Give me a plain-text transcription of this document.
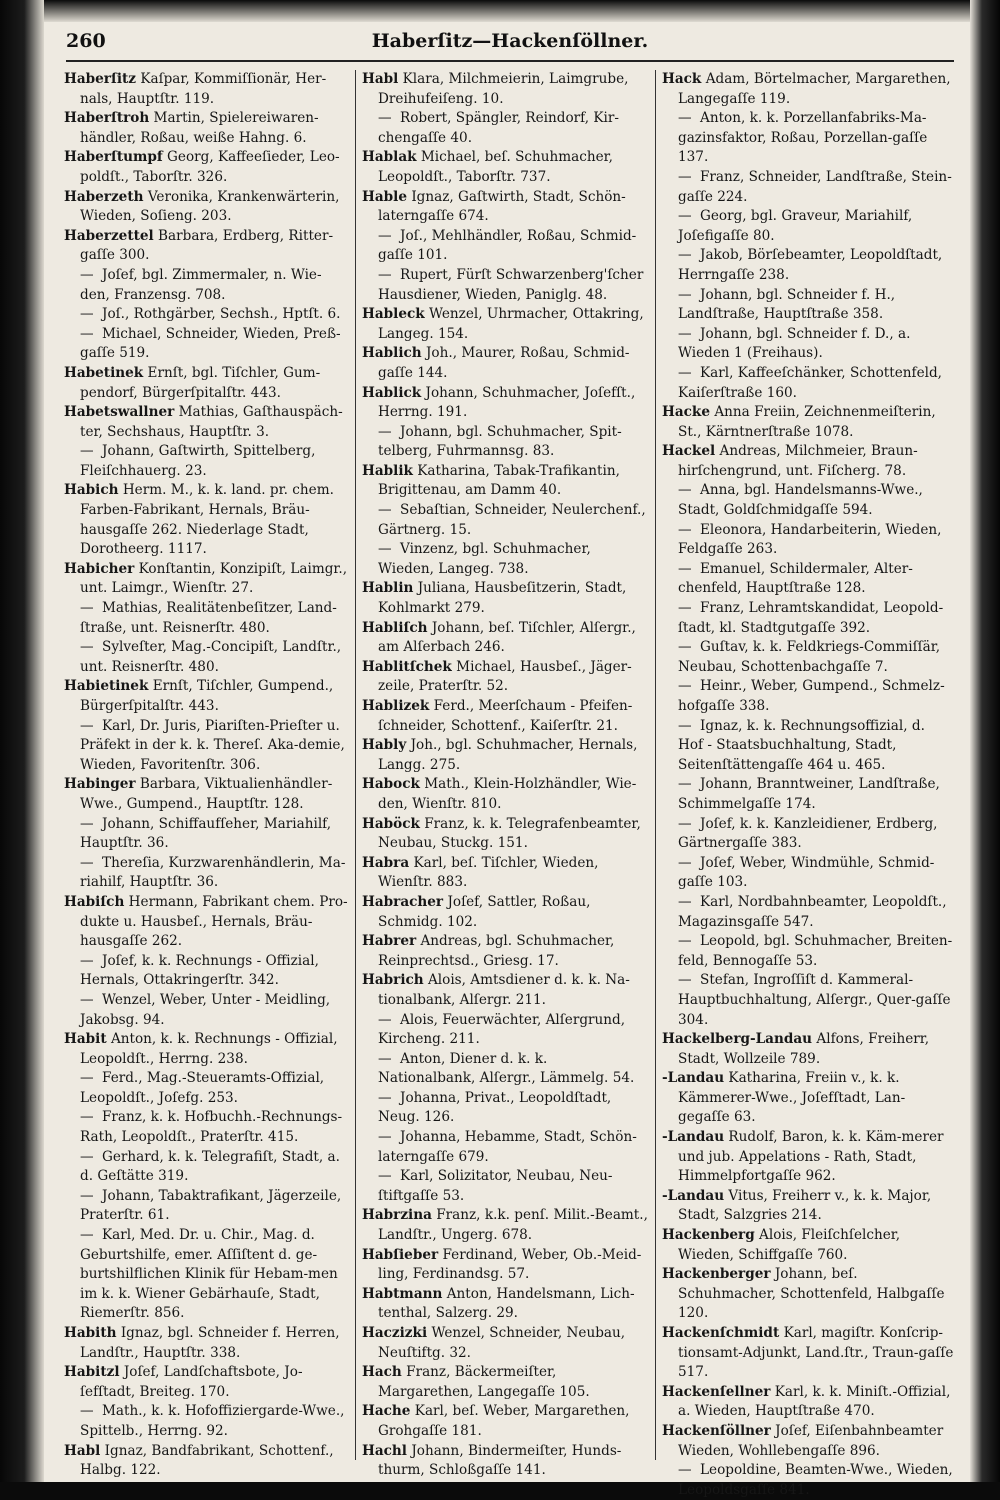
260	Haberſitz—Hackenſöllner.

Haberſitz Kaſpar, Kommiſſionär, Her-nals, Hauptſtr. 119.

Haberſtroh Martin, Spielereiwaren-händler, Roßau, weiße Hahng. 6.

Haberſtumpf Georg, Kaffeeſieder, Leo-poldſt., Taborſtr. 326.

Haberzeth Veronika, Krankenwärterin, Wieden, Soſieng. 203.

Haberzettel Barbara, Erdberg, Ritter-gaſſe 300.

— Joſef, bgl. Zimmermaler, n. Wie-den, Franzensg. 708.

— Joſ., Rothgärber, Sechsh., Hptſt. 6.

— Michael, Schneider, Wieden, Preß-gaſſe 519.

Habetinek Ernſt, bgl. Tiſchler, Gum-pendorf, Bürgerſpitalſtr. 443.

Habetswallner Mathias, Gaſthauspäch-ter, Sechshaus, Hauptſtr. 3.

— Johann, Gaſtwirth, Spittelberg, Fleiſchhauerg. 23.

Habich Herm. M., k. k. land. pr. chem. Farben-Fabrikant, Hernals, Bräu-hausgaſſe 262. Niederlage Stadt, Dorotheerg. 1117.

Habicher Konſtantin, Konzipiſt, Laimgr., unt. Laimgr., Wienſtr. 27.

— Mathias, Realitätenbeſitzer, Land-ſtraße, unt. Reisnerſtr. 480.

— Sylveſter, Mag.-Concipiſt, Landſtr., unt. Reisnerſtr. 480.

Habietinek Ernſt, Tiſchler, Gumpend., Bürgerſpitalſtr. 443.

— Karl, Dr. Juris, Piariſten-Prieſter u. Präfekt in der k. k. Thereſ. Aka-demie, Wieden, Favoritenſtr. 306.

Habinger Barbara, Viktualienhändler-Wwe., Gumpend., Hauptſtr. 128.

— Johann, Schiffaufſeher, Mariahilf, Hauptſtr. 36.

— Thereſia, Kurzwarenhändlerin, Ma-riahilf, Hauptſtr. 36.

Habiſch Hermann, Fabrikant chem. Pro-dukte u. Hausbeſ., Hernals, Bräu-hausgaſſe 262.

— Joſef, k. k. Rechnungs - Offizial, Hernals, Ottakringerſtr. 342.

— Wenzel, Weber, Unter - Meidling, Jakobsg. 94.

Habit Anton, k. k. Rechnungs - Offizial, Leopoldſt., Herrng. 238.

— Ferd., Mag.-Steueramts-Offizial, Leopoldſt., Joſefg. 253.

— Franz, k. k. Hofbuchh.-Rechnungs-Rath, Leopoldſt., Praterſtr. 415.

— Gerhard, k. k. Telegrafiſt, Stadt, a. d. Geſtätte 319.

— Johann, Tabaktrafikant, Jägerzeile, Praterſtr. 61.

— Karl, Med. Dr. u. Chir., Mag. d. Geburtshilfe, emer. Aſſiſtent d. ge-burtshilflichen Klinik für Hebam-men im k. k. Wiener Gebärhauſe, Stadt, Riemerſtr. 856.

Habith Ignaz, bgl. Schneider f. Herren, Landſtr., Hauptſtr. 338.

Habitzl Joſef, Landſchaftsbote, Jo-ſefſtadt, Breiteg. 170.

— Math., k. k. Hofoffiziergarde-Wwe., Spittelb., Herrng. 92.

Habl Ignaz, Bandfabrikant, Schottenf., Halbg. 122.

Habl Klara, Milchmeierin, Laimgrube, Dreihufeiſeng. 10.

— Robert, Spängler, Reindorf, Kir-chengaſſe 40.

Hablak Michael, beſ. Schuhmacher, Leopoldſt., Taborſtr. 737.

Hable Ignaz, Gaſtwirth, Stadt, Schön-laterngaſſe 674.

— Joſ., Mehlhändler, Roßau, Schmid-gaſſe 101.

— Rupert, Fürſt Schwarzenberg'ſcher Hausdiener, Wieden, Paniglg. 48.

Hableck Wenzel, Uhrmacher, Ottakring, Langeg. 154.

Hablich Joh., Maurer, Roßau, Schmid-gaſſe 144.

Hablick Johann, Schuhmacher, Joſefſt., Herrng. 191.

— Johann, bgl. Schuhmacher, Spit-telberg, Fuhrmannsg. 83.

Hablik Katharina, Tabak-Trafikantin, Brigittenau, am Damm 40.

— Sebaſtian, Schneider, Neulerchenf., Gärtnerg. 15.

— Vinzenz, bgl. Schuhmacher, Wieden, Langeg. 738.

Hablin Juliana, Hausbeſitzerin, Stadt, Kohlmarkt 279.

Habliſch Johann, beſ. Tiſchler, Alſergr., am Alſerbach 246.

Hablitſchek Michael, Hausbeſ., Jäger-zeile, Praterſtr. 52.

Hablizek Ferd., Meerſchaum - Pfeifen-ſchneider, Schottenf., Kaiſerſtr. 21.

Hably Joh., bgl. Schuhmacher, Hernals, Langg. 275.

Habock Math., Klein-Holzhändler, Wie-den, Wienſtr. 810.

Haböck Franz, k. k. Telegrafenbeamter, Neubau, Stuckg. 151.

Habra Karl, beſ. Tiſchler, Wieden, Wienſtr. 883.

Habracher Joſef, Sattler, Roßau, Schmidg. 102.

Habrer Andreas, bgl. Schuhmacher, Reinprechtsd., Griesg. 17.

Habrich Alois, Amtsdiener d. k. k. Na-tionalbank, Alſergr. 211.

— Alois, Feuerwächter, Alſergrund, Kircheng. 211.

— Anton, Diener d. k. k. Nationalbank, Alſergr., Lämmelg. 54.

— Johanna, Privat., Leopoldſtadt, Neug. 126.

— Johanna, Hebamme, Stadt, Schön-laterngaſſe 679.

— Karl, Solizitator, Neubau, Neu-ſtiftgaſſe 53.

Habrzina Franz, k.k. penſ. Milit.-Beamt., Landſtr., Ungerg. 678.

Habſieber Ferdinand, Weber, Ob.-Meid-ling, Ferdinandsg. 57.

Habtmann Anton, Handelsmann, Lich-tenthal, Salzerg. 29.

Haczizki Wenzel, Schneider, Neubau, Neuſtiftg. 32.

Hach Franz, Bäckermeiſter, Margarethen, Langegaſſe 105.

Hache Karl, beſ. Weber, Margarethen, Grohgaſſe 181.

Hachl Johann, Bindermeiſter, Hunds-thurm, Schloßgaſſe 141.

Hack Adam, Börtelmacher, Margarethen, Langegaſſe 119.

— Anton, k. k. Porzellanfabriks-Ma-gazinsfaktor, Roßau, Porzellan-gaſſe 137.

— Franz, Schneider, Landſtraße, Stein-gaſſe 224.

— Georg, bgl. Graveur, Mariahilf, Joſefigaſſe 80.

— Jakob, Börſebeamter, Leopoldſtadt, Herrngaſſe 238.

— Johann, bgl. Schneider f. H., Landſtraße, Hauptſtraße 358.

— Johann, bgl. Schneider f. D., a. Wieden 1 (Freihaus).

— Karl, Kaffeeſchänker, Schottenfeld, Kaiſerſtraße 160.

Hacke Anna Freiin, Zeichnenmeiſterin, St., Kärntnerſtraße 1078.

Hackel Andreas, Milchmeier, Braun-hirſchengrund, unt. Fiſcherg. 78.

— Anna, bgl. Handelsmanns-Wwe., Stadt, Goldſchmidgaſſe 594.

— Eleonora, Handarbeiterin, Wieden, Feldgaſſe 263.

— Emanuel, Schildermaler, Alter-chenfeld, Hauptſtraße 128.

— Franz, Lehramtskandidat, Leopold-ſtadt, kl. Stadtgutgaſſe 392.

— Guſtav, k. k. Feldkriegs-Commiſſär, Neubau, Schottenbachgaſſe 7.

— Heinr., Weber, Gumpend., Schmelz-hofgaſſe 338.

— Ignaz, k. k. Rechnungsoffizial, d. Hof - Staatsbuchhaltung, Stadt, Seitenſtättengaſſe 464 u. 465.

— Johann, Branntweiner, Landſtraße, Schimmelgaſſe 174.

— Joſef, k. k. Kanzleidiener, Erdberg, Gärtnergaſſe 383.

— Joſef, Weber, Windmühle, Schmid-gaſſe 103.

— Karl, Nordbahnbeamter, Leopoldſt., Magazinsgaſſe 547.

— Leopold, bgl. Schuhmacher, Breiten-feld, Bennogaſſe 53.

— Stefan, Ingroſſiſt d. Kammeral-Hauptbuchhaltung, Alſergr., Quer-gaſſe 304.

Hackelberg-Landau Alfons, Freiherr, Stadt, Wollzeile 789.

-Landau Katharina, Freiin v., k. k. Kämmerer-Wwe., Joſefſtadt, Lan-gegaſſe 63.

-Landau Rudolf, Baron, k. k. Käm-merer und jub. Appelations - Rath, Stadt, Himmelpfortgaſſe 962.

-Landau Vitus, Freiherr v., k. k. Major, Stadt, Salzgries 214.

Hackenberg Alois, Fleiſchſelcher, Wieden, Schiffgaſſe 760.

Hackenberger Johann, beſ. Schuhmacher, Schottenfeld, Halbgaſſe 120.

Hackenſchmidt Karl, magiſtr. Konſcrip-tionsamt-Adjunkt, Land.ſtr., Traun-gaſſe 517.

Hackenſellner Karl, k. k. Miniſt.-Offizial, a. Wieden, Hauptſtraße 470.

Hackenſöllner Joſef, Eiſenbahnbeamter Wieden, Wohllebengaſſe 896.

— Leopoldine, Beamten-Wwe., Wieden, Leopoldsgaſſe 841.
